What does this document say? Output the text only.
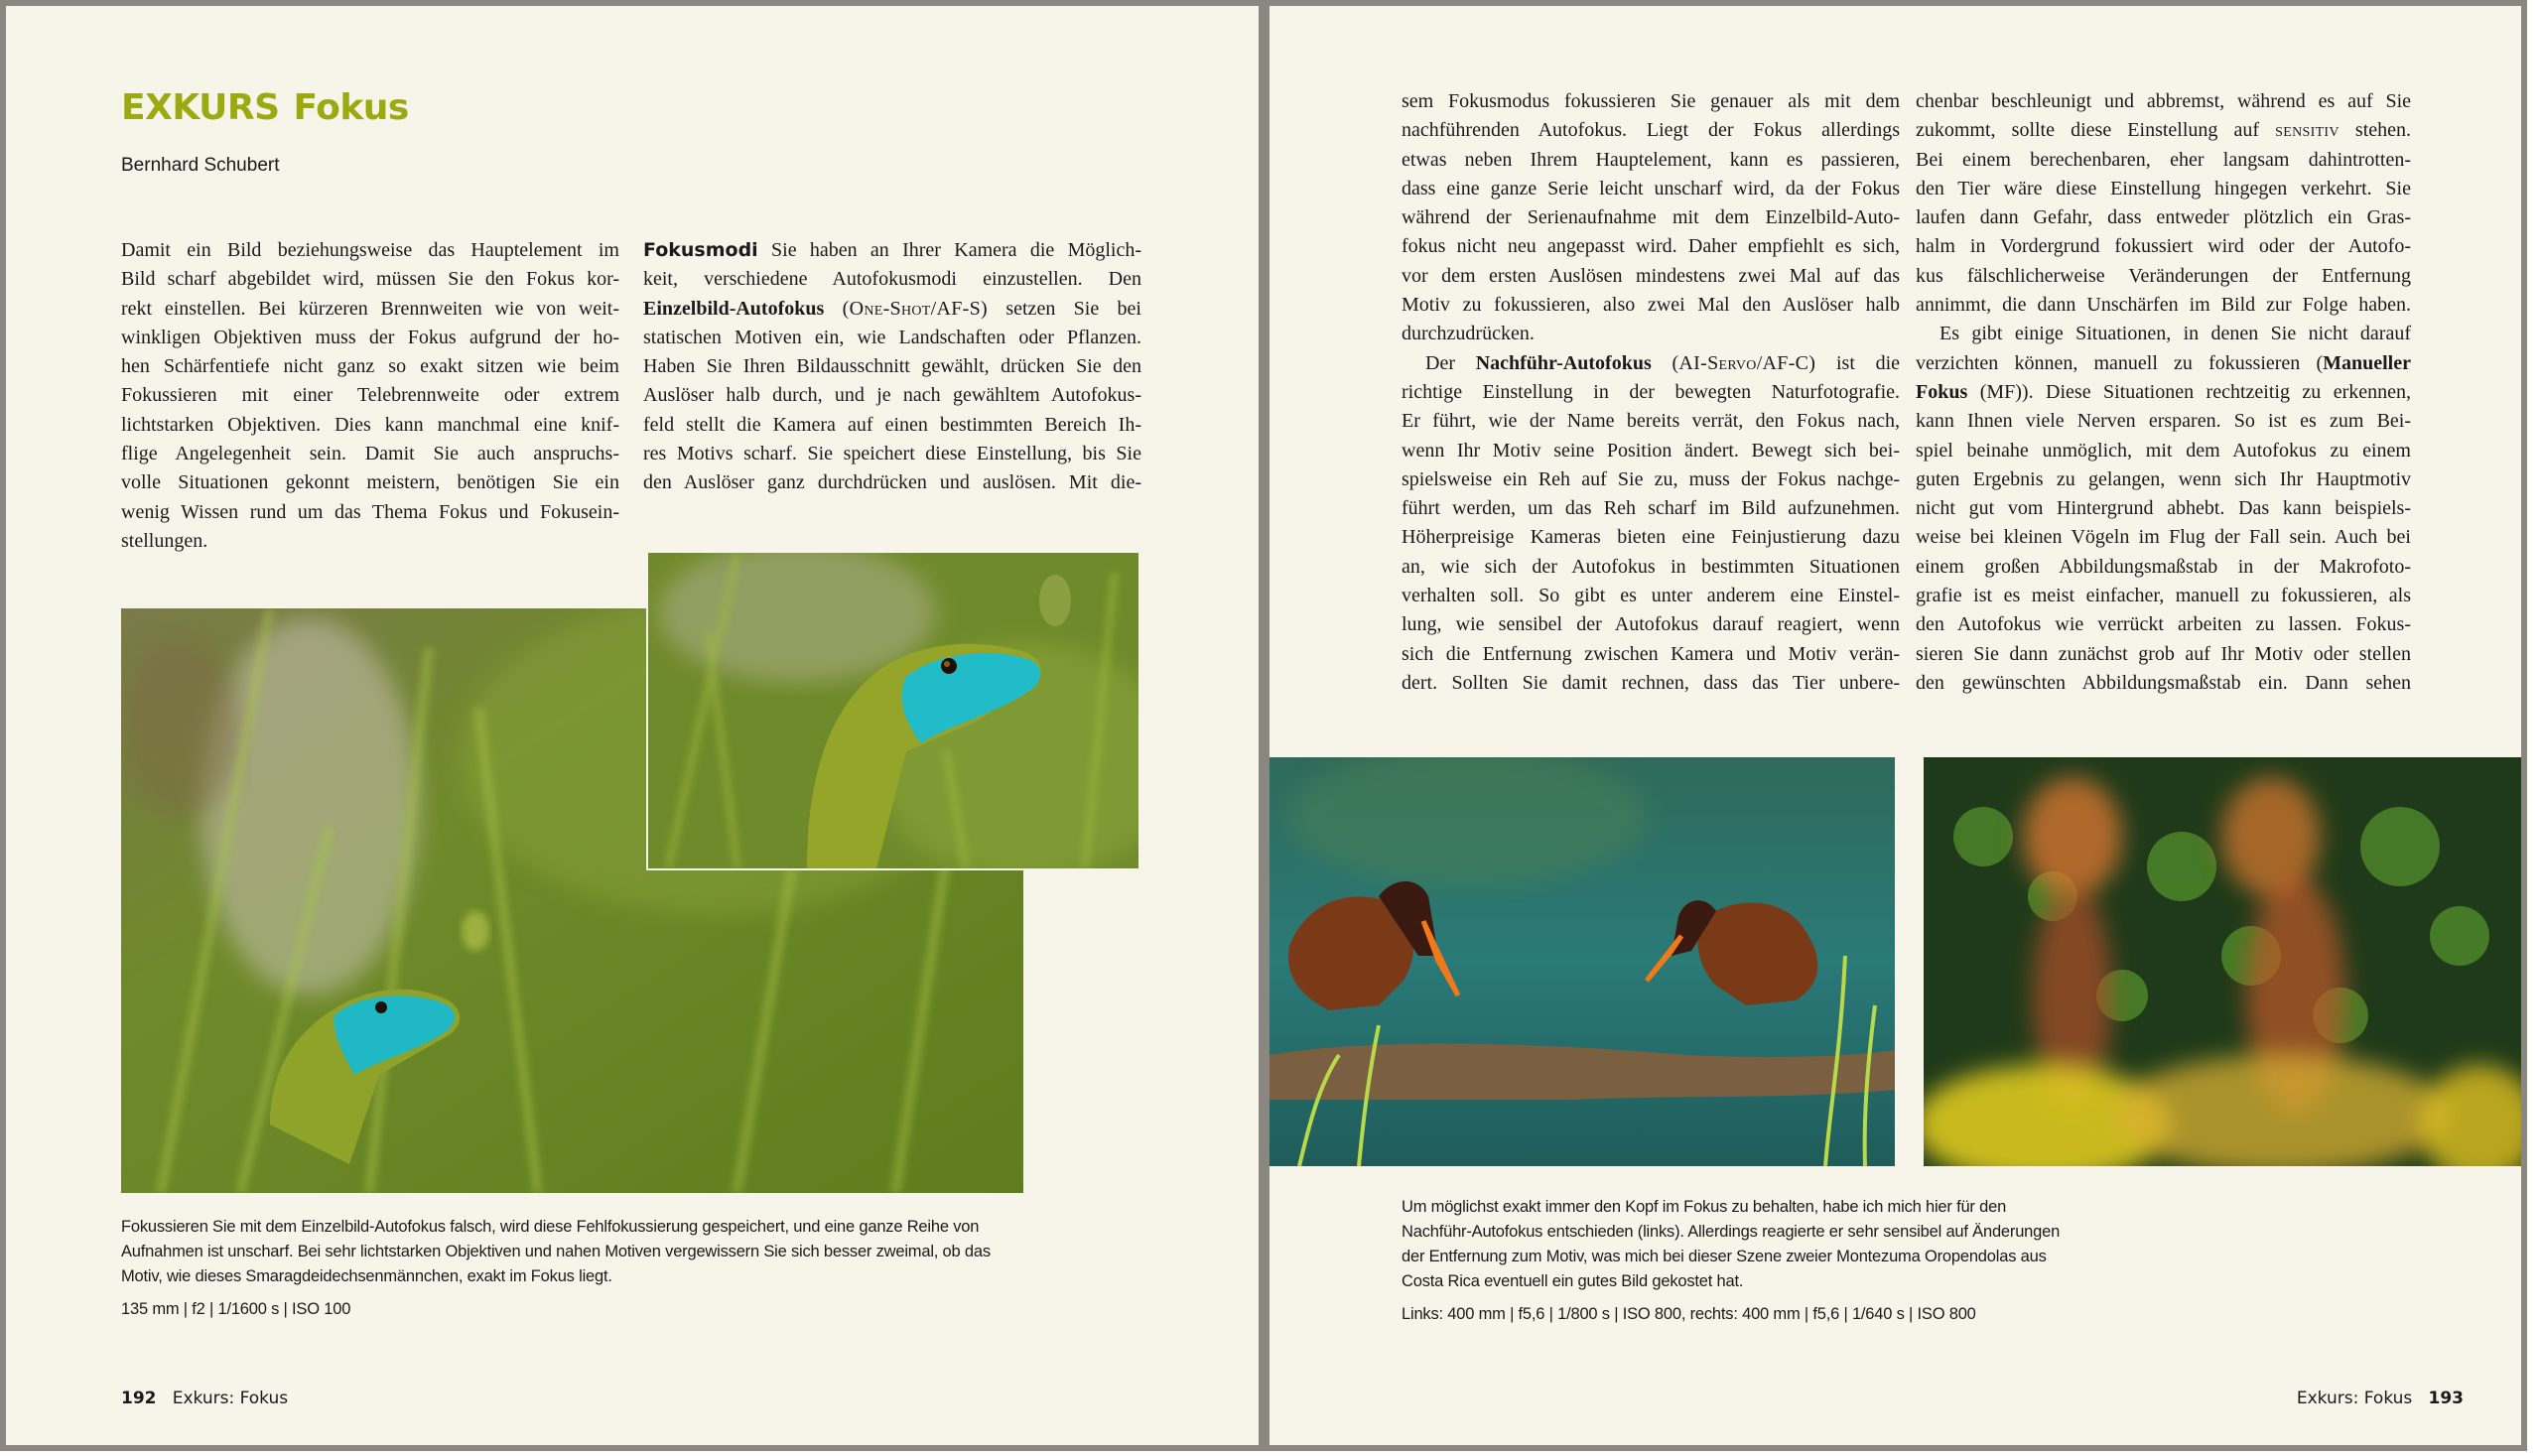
EXKURS Fokus
Bernhard Schubert
Damit ein Bild beziehungsweise das Hauptelement im
Bild scharf abgebildet wird, müssen Sie den Fokus kor-
rekt einstellen. Bei kürzeren Brennweiten wie von weit-
winkligen Objektiven muss der Fokus aufgrund der ho-
hen Schärfentiefe nicht ganz so exakt sitzen wie beim
Fokussieren mit einer Telebrennweite oder extrem
lichtstarken Objektiven. Dies kann manchmal eine knif-
flige Angelegenheit sein. Damit Sie auch anspruchs-
volle Situationen gekonnt meistern, benötigen Sie ein
wenig Wissen rund um das Thema Fokus und Fokusein-
stellungen.
Fokusmodi Sie haben an Ihrer Kamera die Möglich-
keit, verschiedene Autofokusmodi einzustellen. Den
Einzelbild-Autofokus (One-Shot/AF-S) setzen Sie bei
statischen Motiven ein, wie Landschaften oder Pflanzen.
Haben Sie Ihren Bildausschnitt gewählt, drücken Sie den
Auslöser halb durch, und je nach gewähltem Autofokus-
feld stellt die Kamera auf einen bestimmten Bereich Ih-
res Motivs scharf. Sie speichert diese Einstellung, bis Sie
den Auslöser ganz durchdrücken und auslösen. Mit die-
Fokussieren Sie mit dem Einzelbild-Autofokus falsch, wird diese Fehlfokussierung gespeichert, und eine ganze Reihe von Aufnahmen ist unscharf. Bei sehr lichtstarken Objektiven und nahen Motiven vergewissern Sie sich besser zweimal, ob das Motiv, wie dieses Smaragdeidechsenmännchen, exakt im Fokus liegt.
135 mm | f2 | 1/1600 s | ISO 100
192 Exkurs: Fokus
sem Fokusmodus fokussieren Sie genauer als mit dem
nachführenden Autofokus. Liegt der Fokus allerdings
etwas neben Ihrem Hauptelement, kann es passieren,
dass eine ganze Serie leicht unscharf wird, da der Fokus
während der Serienaufnahme mit dem Einzelbild-Auto-
fokus nicht neu angepasst wird. Daher empfiehlt es sich,
vor dem ersten Auslösen mindestens zwei Mal auf das
Motiv zu fokussieren, also zwei Mal den Auslöser halb
durchzudrücken.
Der Nachführ-Autofokus (AI-Servo/AF-C) ist die
richtige Einstellung in der bewegten Naturfotografie.
Er führt, wie der Name bereits verrät, den Fokus nach,
wenn Ihr Motiv seine Position ändert. Bewegt sich bei-
spielsweise ein Reh auf Sie zu, muss der Fokus nachge-
führt werden, um das Reh scharf im Bild aufzunehmen.
Höherpreisige Kameras bieten eine Feinjustierung dazu
an, wie sich der Autofokus in bestimmten Situationen
verhalten soll. So gibt es unter anderem eine Einstel-
lung, wie sensibel der Autofokus darauf reagiert, wenn
sich die Entfernung zwischen Kamera und Motiv verän-
dert. Sollten Sie damit rechnen, dass das Tier unbere-
chenbar beschleunigt und abbremst, während es auf Sie
zukommt, sollte diese Einstellung auf sensitiv stehen.
Bei einem berechenbaren, eher langsam dahintrotten-
den Tier wäre diese Einstellung hingegen verkehrt. Sie
laufen dann Gefahr, dass entweder plötzlich ein Gras-
halm in Vordergrund fokussiert wird oder der Autofo-
kus fälschlicherweise Veränderungen der Entfernung
annimmt, die dann Unschärfen im Bild zur Folge haben.
Es gibt einige Situationen, in denen Sie nicht darauf
verzichten können, manuell zu fokussieren (Manueller
Fokus (MF)). Diese Situationen rechtzeitig zu erkennen,
kann Ihnen viele Nerven ersparen. So ist es zum Bei-
spiel beinahe unmöglich, mit dem Autofokus zu einem
guten Ergebnis zu gelangen, wenn sich Ihr Hauptmotiv
nicht gut vom Hintergrund abhebt. Das kann beispiels-
weise bei kleinen Vögeln im Flug der Fall sein. Auch bei
einem großen Abbildungsmaßstab in der Makrofoto-
grafie ist es meist einfacher, manuell zu fokussieren, als
den Autofokus wie verrückt arbeiten zu lassen. Fokus-
sieren Sie dann zunächst grob auf Ihr Motiv oder stellen
den gewünschten Abbildungsmaßstab ein. Dann sehen
Um möglichst exakt immer den Kopf im Fokus zu behalten, habe ich mich hier für den Nachführ-Autofokus entschieden (links). Allerdings reagierte er sehr sensibel auf Änderungen der Entfernung zum Motiv, was mich bei dieser Szene zweier Montezuma Oropendolas aus Costa Rica eventuell ein gutes Bild gekostet hat.
Links: 400 mm | f5,6 | 1/800 s | ISO 800, rechts: 400 mm | f5,6 | 1/640 s | ISO 800
Exkurs: Fokus 193
